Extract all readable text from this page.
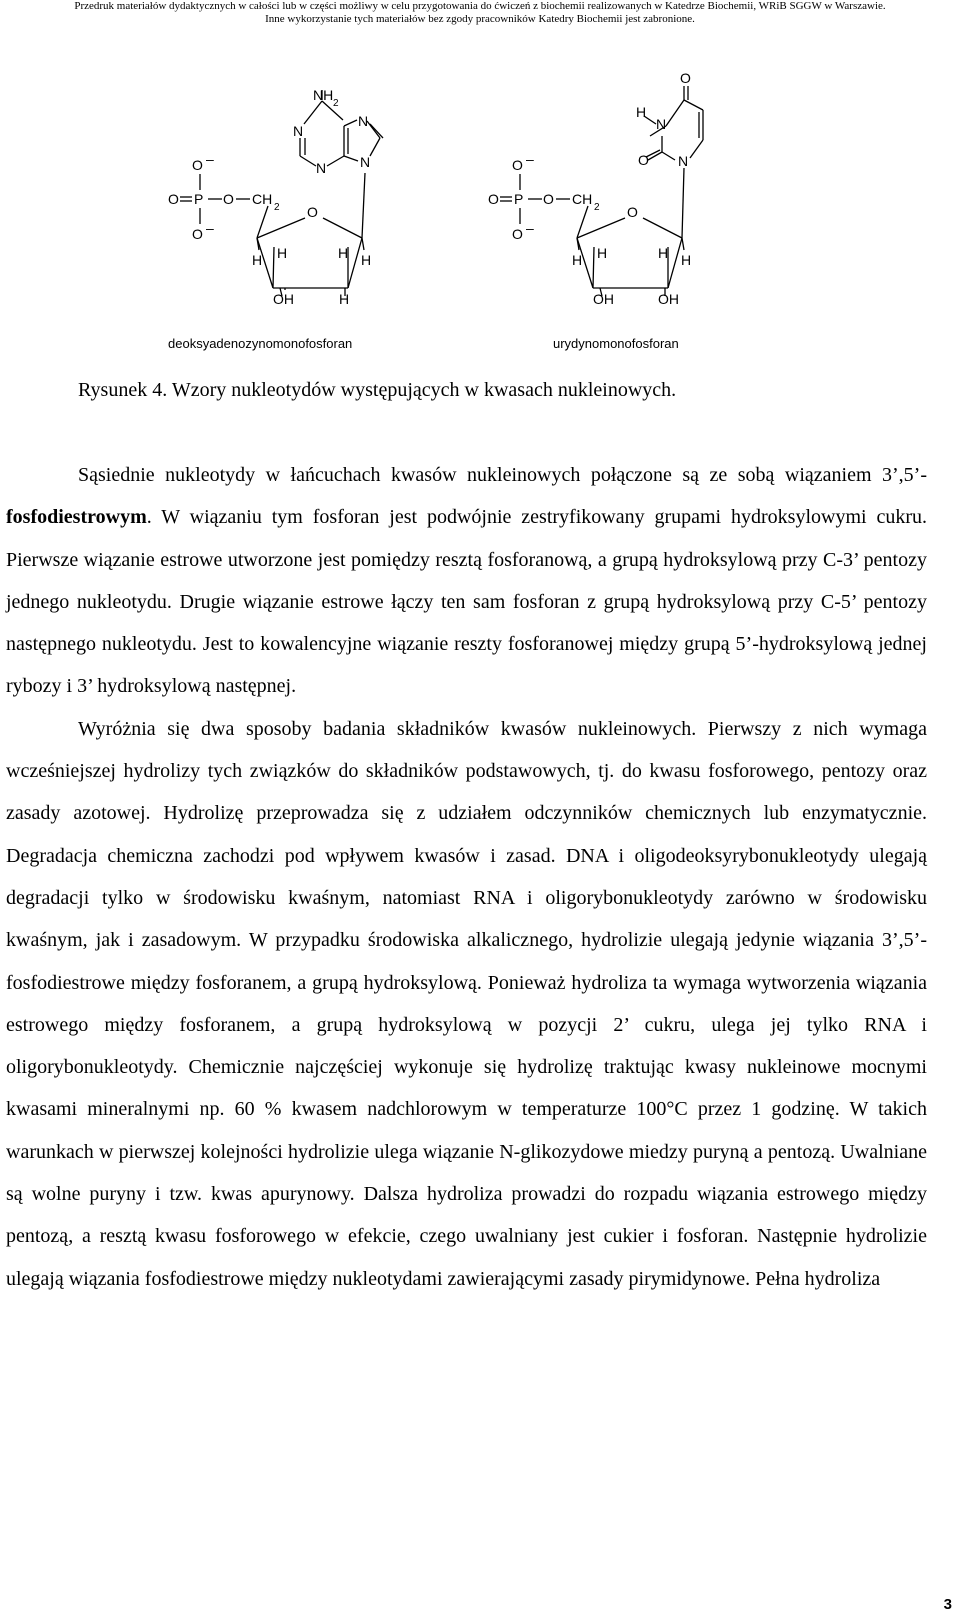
Przedruk materiałów dydaktycznych w całości lub w części możliwy w celu przygotowania do ćwiczeń z biochemii realizowanych w Katedrze Biochemii, WRiB SGGW w Warszawie.
Inne wykorzystanie tych materiałów bez zgody pracowników Katedry Biochemii jest zabronione.
O –
O P O
O –
CH
2 O
H H	H H
OH	H
NH
2
N
N
N N	O –
O P O
O –
CH
2 O
H H	H H
OH	OH
O
H
N
O N
deoksyadenozynomonofosforan	urydynomonofosforan
Rysunek 4. Wzory nukleotydów występujących w kwasach nukleinowych.

Sąsiednie nukleotydy w łańcuchach kwasów nukleinowych połączone są ze sobą wiązaniem 3’,5’-fosfodiestrowym. W wiązaniu tym fosforan jest podwójnie zestryfikowany grupami hydroksylowymi cukru. Pierwsze wiązanie estrowe utworzone jest pomiędzy resztą fosforanową, a grupą hydroksylową przy C-3’ pentozy jednego nukleotydu. Drugie wiązanie estrowe łączy ten sam fosforan z grupą hydroksylową przy C-5’ pentozy następnego nukleotydu. Jest to kowalencyjne wiązanie reszty fosforanowej między grupą 5’-hydroksylową jednej rybozy i 3’ hydroksylową następnej.

Wyróżnia się dwa sposoby badania składników kwasów nukleinowych. Pierwszy z nich wymaga wcześniejszej hydrolizy tych związków do składników podstawowych, tj. do kwasu fosforowego, pentozy oraz zasady azotowej. Hydrolizę przeprowadza się z udziałem odczynników chemicznych lub enzymatycznie. Degradacja chemiczna zachodzi pod wpływem kwasów i zasad. DNA i oligodeoksyrybonukleotydy ulegają degradacji tylko w środowisku kwaśnym, natomiast RNA i oligorybonukleotydy zarówno w środowisku kwaśnym, jak i zasadowym. W przypadku środowiska alkalicznego, hydrolizie ulegają jedynie wiązania 3’,5’-fosfodiestrowe między fosforanem, a grupą hydroksylową. Ponieważ hydroliza ta wymaga wytworzenia wiązania estrowego między fosforanem, a grupą hydroksylową w pozycji 2’ cukru, ulega jej tylko RNA i oligorybonukleotydy. Chemicznie najczęściej wykonuje się hydrolizę traktując kwasy nukleinowe mocnymi kwasami mineralnymi np. 60 % kwasem nadchlorowym w temperaturze 100°C przez 1 godzinę. W takich warunkach w pierwszej kolejności hydrolizie ulega wiązanie N-glikozydowe miedzy puryną a pentozą. Uwalniane są wolne puryny i tzw. kwas apurynowy. Dalsza hydroliza prowadzi do rozpadu wiązania estrowego między pentozą, a resztą kwasu fosforowego w efekcie, czego uwalniany jest cukier i fosforan. Następnie hydrolizie ulegają wiązania fosfodiestrowe między nukleotydami zawierającymi zasady pirymidynowe. Pełna hydroliza

3
